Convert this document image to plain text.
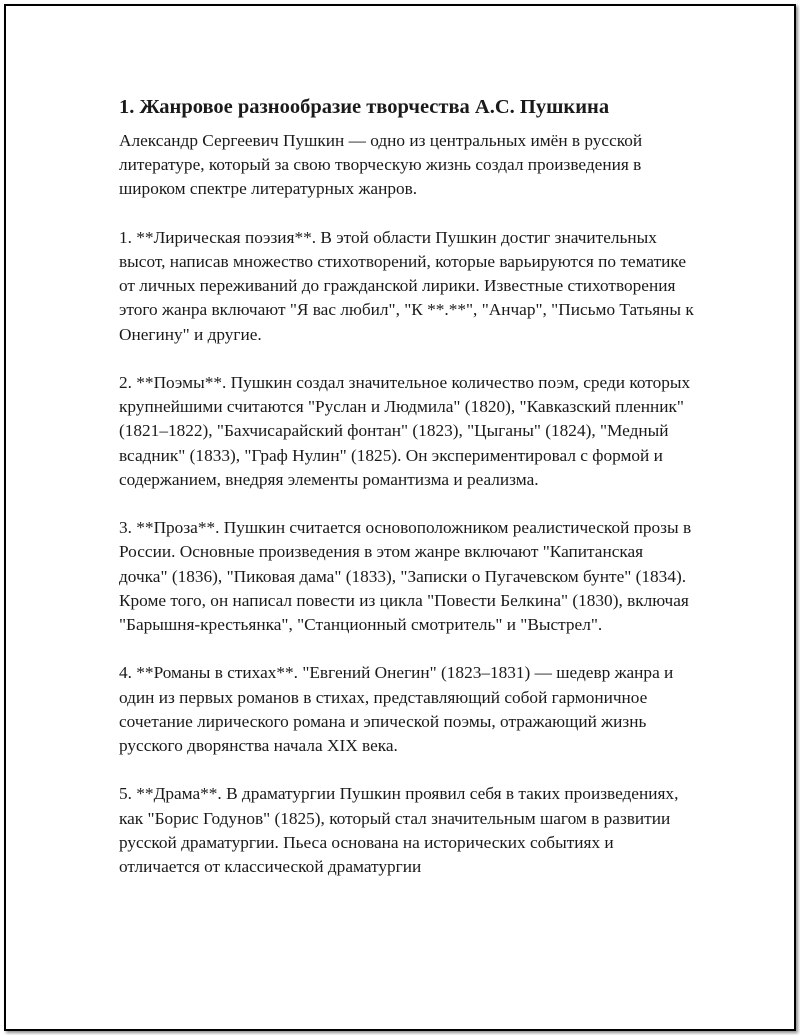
1. Жанровое разнообразие творчества А.С. Пушкина

Александр Сергеевич Пушкин — одно из центральных имён в русской литературе, который за свою творческую жизнь создал произведения в широком спектре литературных жанров.

1. **Лирическая поэзия**. В этой области Пушкин достиг значительных высот, написав множество стихотворений, которые варьируются по тематике от личных переживаний до гражданской лирики. Известные стихотворения этого жанра включают "Я вас любил", "К **.**", "Анчар", "Письмо Татьяны к Онегину" и другие.

2. **Поэмы**. Пушкин создал значительное количество поэм, среди которых крупнейшими считаются "Руслан и Людмила" (1820), "Кавказский пленник" (1821–1822), "Бахчисарайский фонтан" (1823), "Цыганы" (1824), "Медный всадник" (1833), "Граф Нулин" (1825). Он экспериментировал с формой и содержанием, внедряя элементы романтизма и реализма.

3. **Проза**. Пушкин считается основоположником реалистической прозы в России. Основные произведения в этом жанре включают "Капитанская дочка" (1836), "Пиковая дама" (1833), "Записки о Пугачевском бунте" (1834). Кроме того, он написал повести из цикла "Повести Белкина" (1830), включая "Барышня-крестьянка", "Станционный смотритель" и "Выстрел".

4. **Романы в стихах**. "Евгений Онегин" (1823–1831) — шедевр жанра и один из первых романов в стихах, представляющий собой гармоничное сочетание лирического романа и эпической поэмы, отражающий жизнь русского дворянства начала XIX века.

5. **Драма**. В драматургии Пушкин проявил себя в таких произведениях, как "Борис Годунов" (1825), который стал значительным шагом в развитии русской драматургии. Пьеса основана на исторических событиях и отличается от классической драматургии
